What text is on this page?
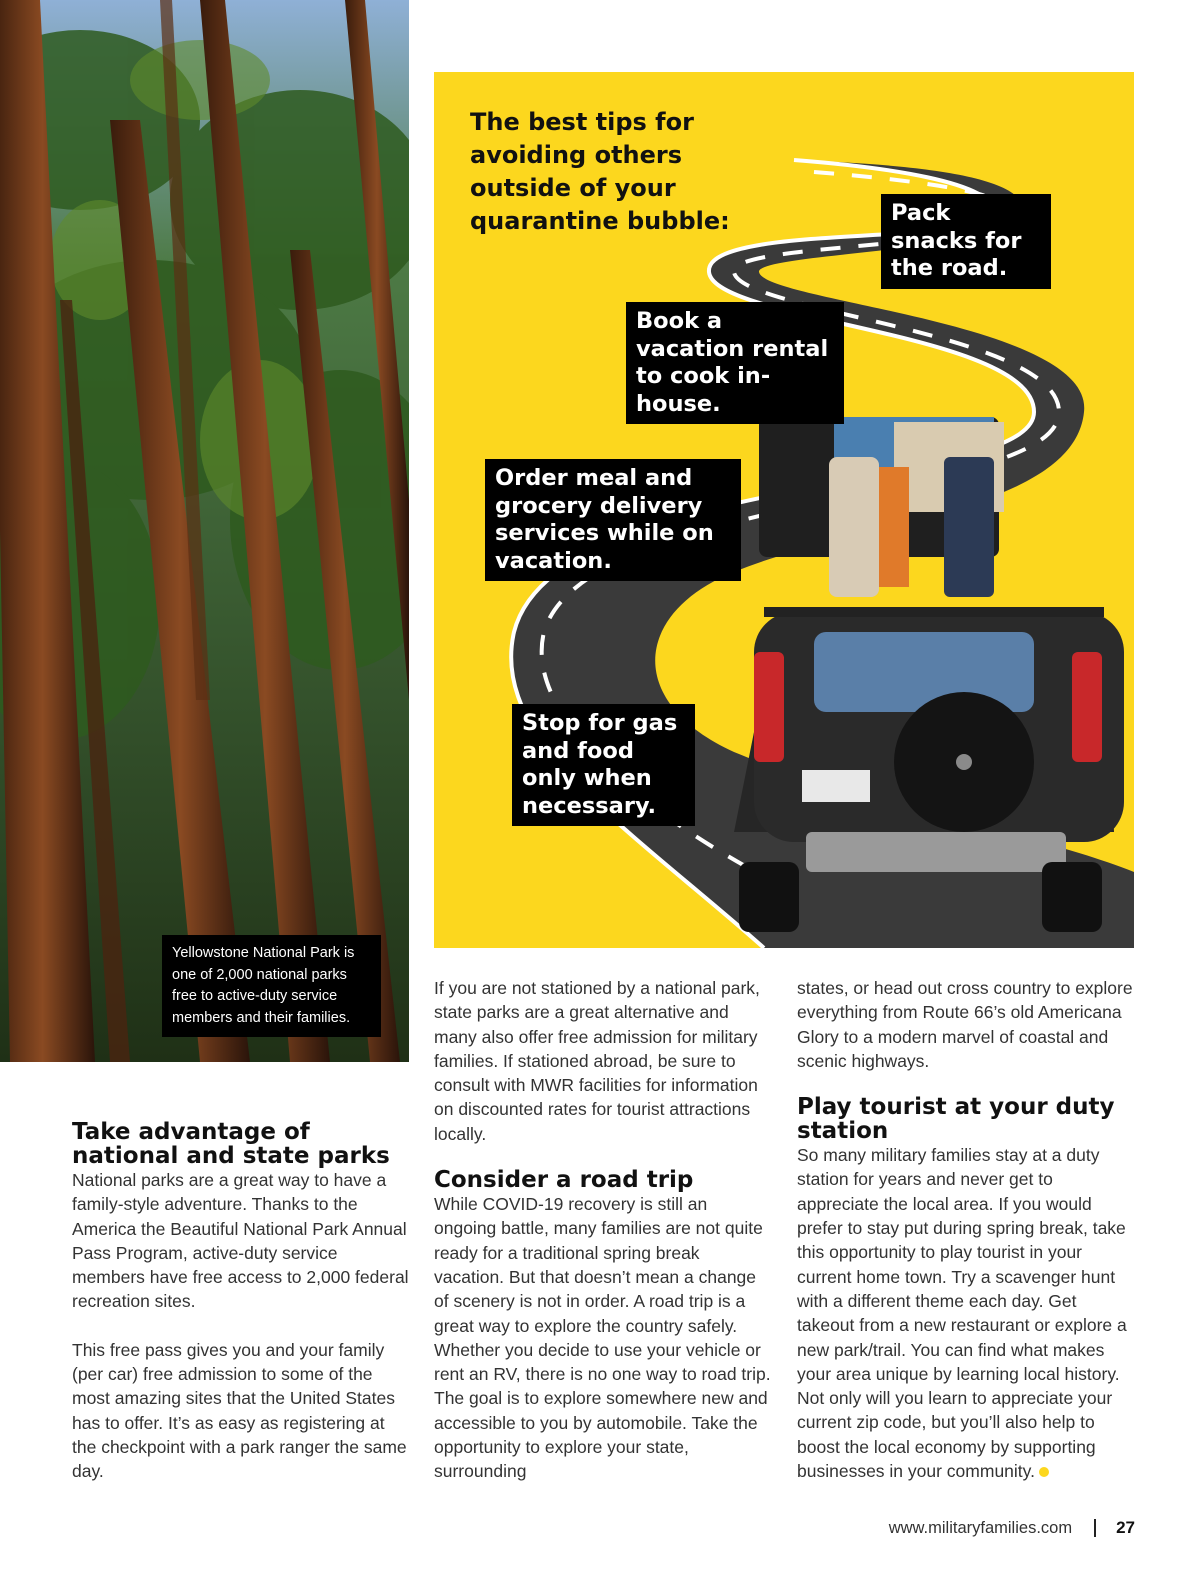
Yellowstone National Park is one of 2,000 national parks free to active-duty service members and their families.
The best tips for avoiding others outside of your quarantine bubble:	Pack snacks for the road.
Book a vacation rental to cook in-house.
Order meal and grocery delivery services while on vacation.
Stop for gas and food only when necessary.
Take advantage of national and state parks

National parks are a great way to have a family-style adventure. Thanks to the America the Beautiful National Park Annual Pass Program, active-duty service members have free access to 2,000 federal recreation sites.

This free pass gives you and your family (per car) free admission to some of the most amazing sites that the United States has to offer. It’s as easy as registering at the checkpoint with a park ranger the same day.

If you are not stationed by a national park, state parks are a great alternative and many also offer free admission for military families. If stationed abroad, be sure to consult with MWR facilities for information on discounted rates for tourist attractions locally.

Consider a road trip

While COVID-19 recovery is still an ongoing battle, many families are not quite ready for a traditional spring break vacation. But that doesn’t mean a change of scenery is not in order. A road trip is a great way to explore the country safely. Whether you decide to use your vehicle or rent an RV, there is no one way to road trip. The goal is to explore somewhere new and accessible to you by automobile. Take the opportunity to explore your state, surrounding

states, or head out cross country to explore everything from Route 66’s old Americana Glory to a modern marvel of coastal and scenic highways.

Play tourist at your duty station

So many military families stay at a duty station for years and never get to appreciate the local area. If you would prefer to stay put during spring break, take this opportunity to play tourist in your current home town. Try a scavenger hunt with a different theme each day. Get takeout from a new restaurant or explore a new park/trail. You can find what makes your area unique by learning local history. Not only will you learn to appreciate your current zip code, but you’ll also help to boost the local economy by supporting businesses in your community.

www.militaryfamilies.com	27
